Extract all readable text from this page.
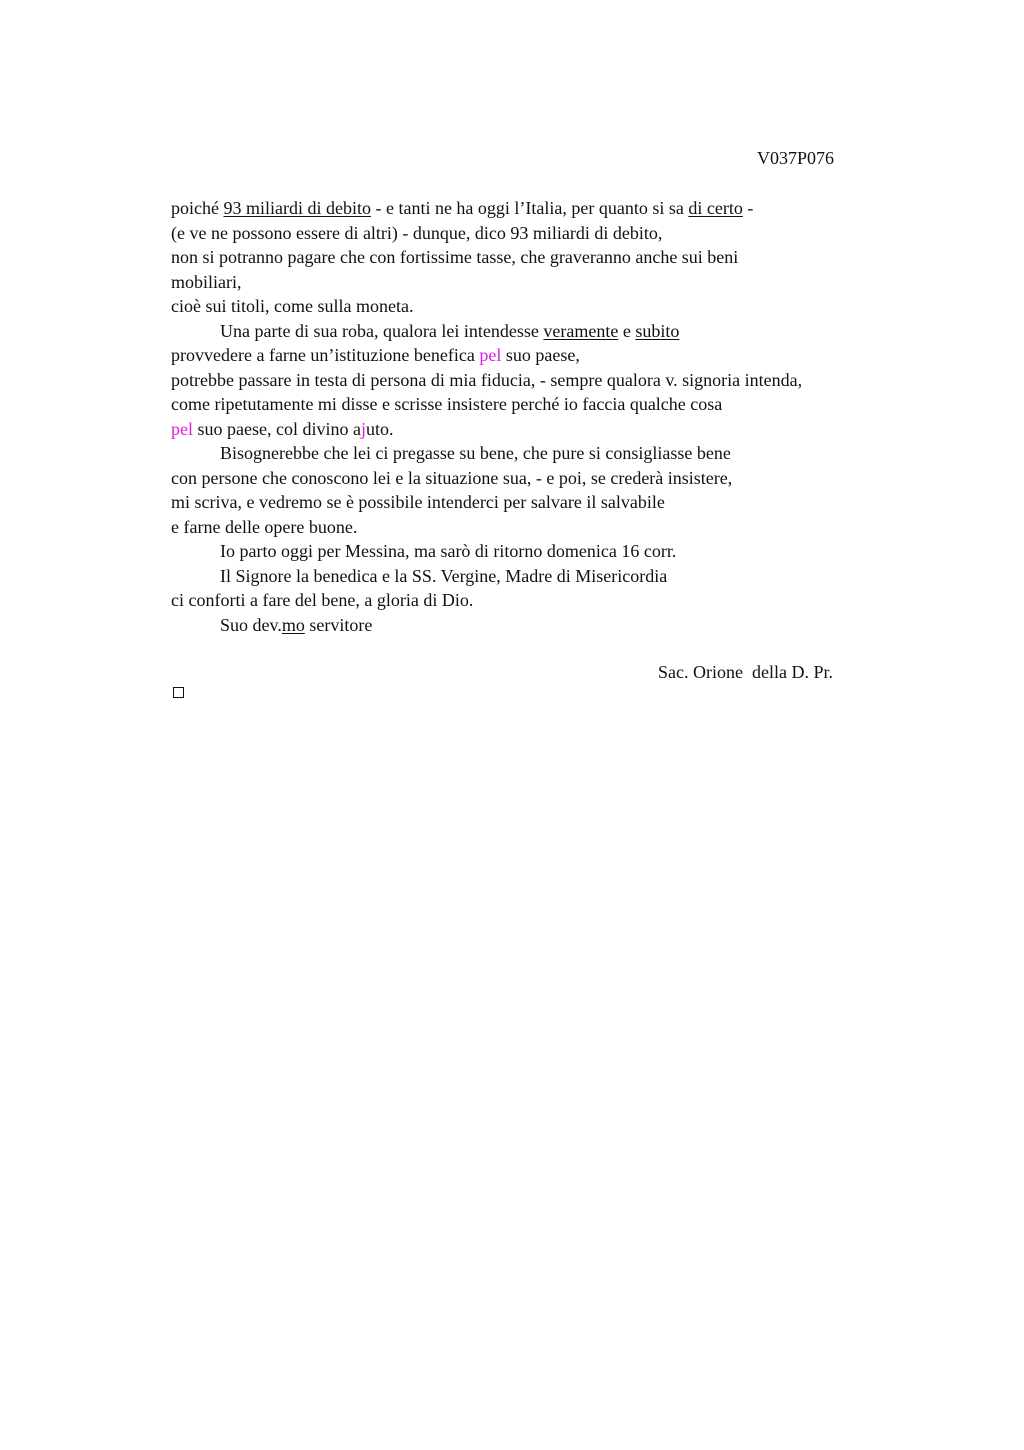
V037P076
poiché 93 miliardi di debito - e tanti ne ha oggi l’Italia, per quanto si sa di certo -
(e ve ne possono essere di altri) - dunque, dico 93 miliardi di debito,
non si potranno pagare che con fortissime tasse, che graveranno anche sui beni
mobiliari,
cioè sui titoli, come sulla moneta.
Una parte di sua roba, qualora lei intendesse veramente e subito
provvedere a farne un’istituzione benefica pel suo paese,
potrebbe passare in testa di persona di mia fiducia, - sempre qualora v. signoria intenda,
come ripetutamente mi disse e scrisse insistere perché io faccia qualche cosa
pel suo paese, col divino ajuto.
Bisognerebbe che lei ci pregasse su bene, che pure si consigliasse bene
con persone che conoscono lei e la situazione sua, - e poi, se crederà insistere,
mi scriva, e vedremo se è possibile intenderci per salvare il salvabile
e farne delle opere buone.
Io parto oggi per Messina, ma sarò di ritorno domenica 16 corr.
Il Signore la benedica e la SS. Vergine, Madre di Misericordia
ci conforti a fare del bene, a gloria di Dio.
Suo dev.mo servitore
Sac. Orione  della D. Pr.
